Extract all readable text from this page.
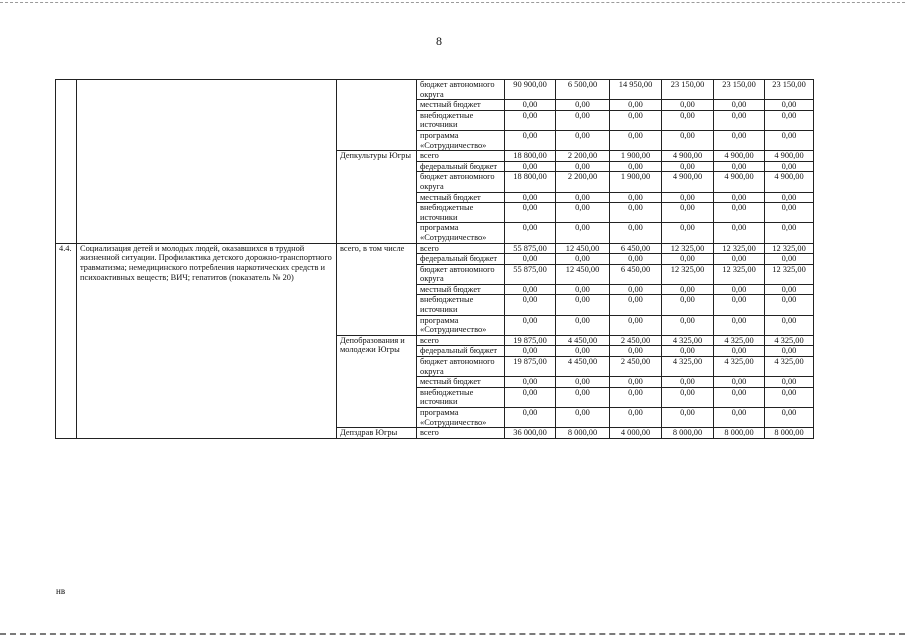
8
			бюджет автономного округа	90 900,00	6 500,00	14 950,00	23 150,00	23 150,00	23 150,00
			местный бюджет	0,00	0,00	0,00	0,00	0,00	0,00
			внебюджетные источники	0,00	0,00	0,00	0,00	0,00	0,00
			программа «Сотрудничество»	0,00	0,00	0,00	0,00	0,00	0,00
		Депкультуры Югры	всего	18 800,00	2 200,00	1 900,00	4 900,00	4 900,00	4 900,00
			федеральный бюджет	0,00	0,00	0,00	0,00	0,00	0,00
			бюджет автономного округа	18 800,00	2 200,00	1 900,00	4 900,00	4 900,00	4 900,00
			местный бюджет	0,00	0,00	0,00	0,00	0,00	0,00
			внебюджетные источники	0,00	0,00	0,00	0,00	0,00	0,00
			программа «Сотрудничество»	0,00	0,00	0,00	0,00	0,00	0,00
4.4.	Социализация детей и молодых людей, оказавшихся в трудной жизненной ситуации. Профилактика детского дорожно-транспортного травматизма; немедицинского потребления наркотических средств и психоактивных веществ; ВИЧ; гепатитов (показатель № 20)	всего, в том числе	всего	55 875,00	12 450,00	6 450,00	12 325,00	12 325,00	12 325,00
			федеральный бюджет	0,00	0,00	0,00	0,00	0,00	0,00
			бюджет автономного округа	55 875,00	12 450,00	6 450,00	12 325,00	12 325,00	12 325,00
			местный бюджет	0,00	0,00	0,00	0,00	0,00	0,00
			внебюджетные источники	0,00	0,00	0,00	0,00	0,00	0,00
			программа «Сотрудничество»	0,00	0,00	0,00	0,00	0,00	0,00
		Депобразования и молодежи Югры	всего	19 875,00	4 450,00	2 450,00	4 325,00	4 325,00	4 325,00
			федеральный бюджет	0,00	0,00	0,00	0,00	0,00	0,00
			бюджет автономного округа	19 875,00	4 450,00	2 450,00	4 325,00	4 325,00	4 325,00
			местный бюджет	0,00	0,00	0,00	0,00	0,00	0,00
			внебюджетные источники	0,00	0,00	0,00	0,00	0,00	0,00
			программа «Сотрудничество»	0,00	0,00	0,00	0,00	0,00	0,00
		Депздрав Югры	всего	36 000,00	8 000,00	4 000,00	8 000,00	8 000,00	8 000,00
нв
